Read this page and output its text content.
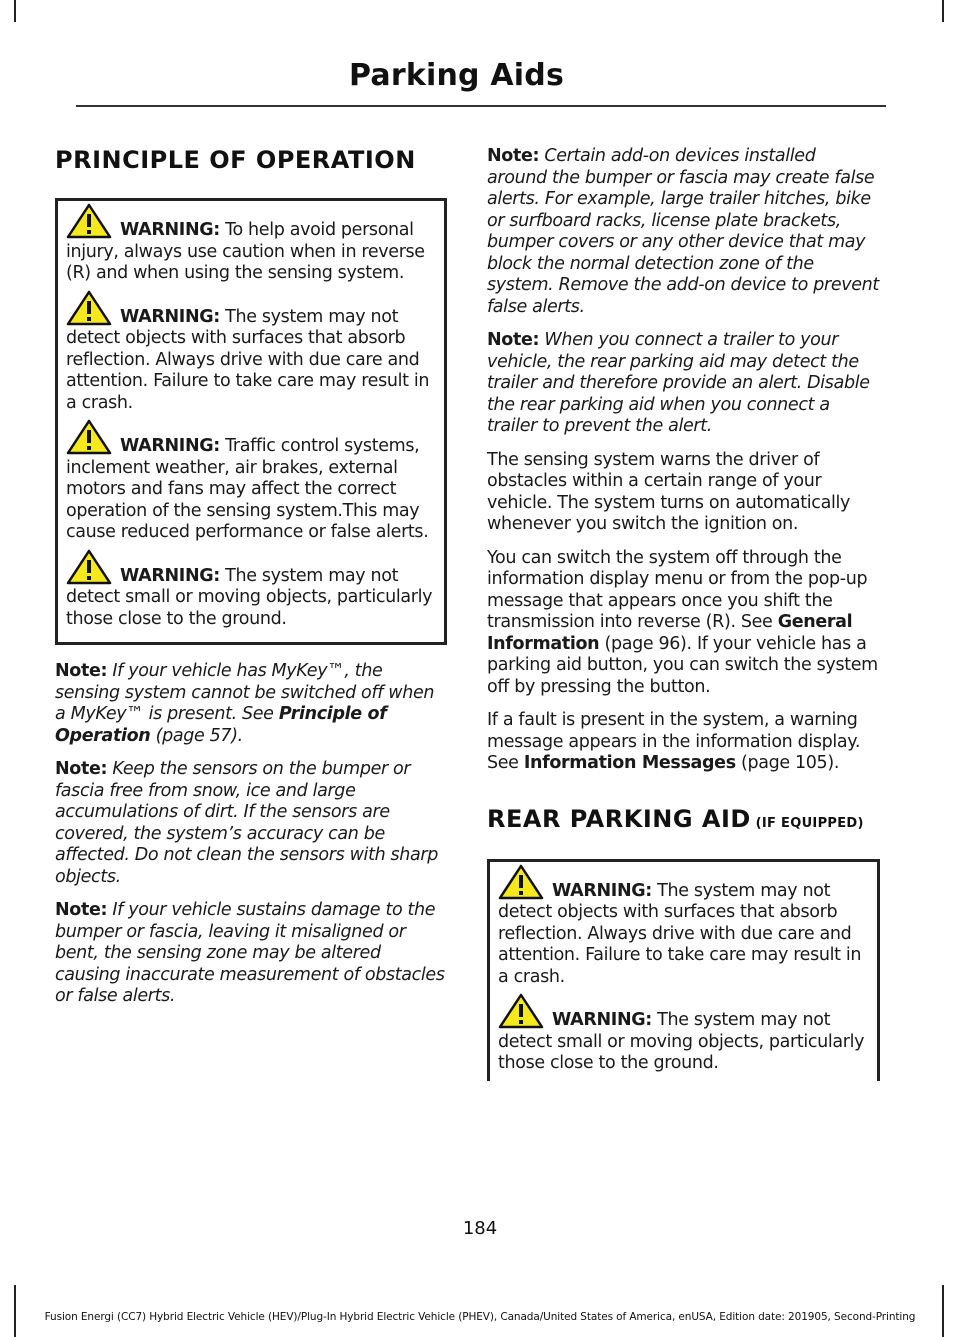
Parking Aids
PRINCIPLE OF OPERATION
WARNING: To help avoid personal injury, always use caution when in reverse (R) and when using the sensing system.
WARNING: The system may not detect objects with surfaces that absorb reflection. Always drive with due care and attention. Failure to take care may result in a crash.
WARNING: Traffic control systems, inclement weather, air brakes, external motors and fans may affect the correct operation of the sensing system.This may cause reduced performance or false alerts.
WARNING: The system may not detect small or moving objects, particularly those close to the ground.

Note: If your vehicle has MyKey™, the sensing system cannot be switched off when a MyKey™ is present. See Principle of Operation (page 57).

Note: Keep the sensors on the bumper or fascia free from snow, ice and large accumulations of dirt. If the sensors are covered, the system’s accuracy can be affected. Do not clean the sensors with sharp objects.

Note: If your vehicle sustains damage to the bumper or fascia, leaving it misaligned or bent, the sensing zone may be altered causing inaccurate measurement of obstacles or false alerts.

Note: Certain add-on devices installed around the bumper or fascia may create false alerts. For example, large trailer hitches, bike or surfboard racks, license plate brackets, bumper covers or any other device that may block the normal detection zone of the system. Remove the add-on device to prevent false alerts.

Note: When you connect a trailer to your vehicle, the rear parking aid may detect the trailer and therefore provide an alert. Disable the rear parking aid when you connect a trailer to prevent the alert.

The sensing system warns the driver of obstacles within a certain range of your vehicle. The system turns on automatically whenever you switch the ignition on.

You can switch the system off through the information display menu or from the pop-up message that appears once you shift the transmission into reverse (R). See General Information (page 96). If your vehicle has a parking aid button, you can switch the system off by pressing the button.

If a fault is present in the system, a warning message appears in the information display. See Information Messages (page 105).

REAR PARKING AID (IF EQUIPPED)
WARNING: The system may not detect objects with surfaces that absorb reflection. Always drive with due care and attention. Failure to take care may result in a crash.
WARNING: The system may not detect small or moving objects, particularly those close to the ground.
184
Fusion Energi (CC7) Hybrid Electric Vehicle (HEV)/Plug-In Hybrid Electric Vehicle (PHEV), Canada/United States of America, enUSA, Edition date: 201905, Second-Printing
